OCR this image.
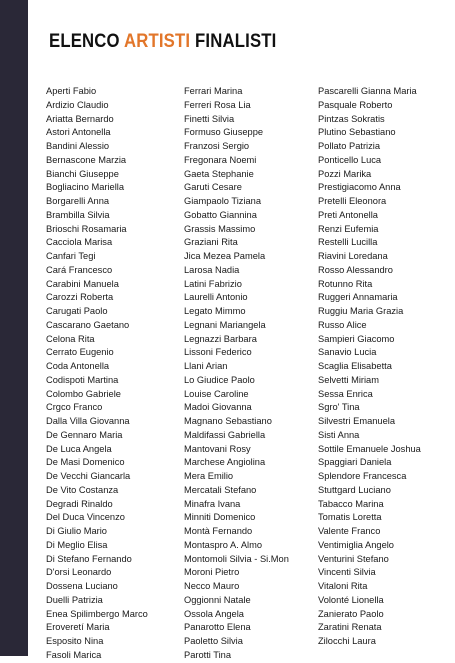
ELENCO ARTISTI FINALISTI
Aperti Fabio
Ardizio Claudio
Ariatta Bernardo
Astori Antonella
Bandini Alessio
Bernascone Marzia
Bianchi Giuseppe
Bogliacino Mariella
Borgarelli Anna
Brambilla Silvia
Brioschi Rosamaria
Cacciola Marisa
Canfari Tegi
Cará Francesco
Carabini Manuela
Carozzi Roberta
Carugati Paolo
Cascarano Gaetano
Celona Rita
Cerrato Eugenio
Coda Antonella
Codispoti Martina
Colombo Gabriele
Crgco Franco
Dalla Villa Giovanna
De Gennaro Maria
De Luca Angela
De Masi Domenico
De Vecchi Giancarla
De Vito Costanza
Degradi Rinaldo
Del Duca Vincenzo
Di Giulio Mario
Di Meglio Elisa
Di Stefano Fernando
D'orsi Leonardo
Dossena Luciano
Duelli Patrizia
Enea Spilimbergo Marco
Eroveretí Maria
Esposito Nina
Fasoli Marica
Ferrari Marina
Ferreri Rosa Lia
Finetti Silvia
Formuso Giuseppe
Franzosi Sergio
Fregonara Noemi
Gaeta Stephanie
Garuti Cesare
Giampaolo Tiziana
Gobatto Giannina
Grassis Massimo
Graziani Rita
Jica Mezea Pamela
Larosa Nadia
Latini Fabrizio
Laurelli Antonio
Legato Mimmo
Legnani Mariangela
Legnazzi Barbara
Lissoni Federico
Llani Arian
Lo Giudice Paolo
Louise Caroline
Madoi Giovanna
Magnano Sebastiano
Maldifassi Gabriella
Mantovani Rosy
Marchese Angiolina
Mera Emilio
Mercatali Stefano
Minafra Ivana
Minniti Domenico
Montà Fernando
Montaspro A. Almo
Montomoli Silvia - Si.Mon
Moroni Pietro
Necco Mauro
Oggionni Natale
Ossola Angela
Panarotto Elena
Paoletto Silvia
Parotti Tina
Pascarelli Gianna Maria
Pasquale Roberto
Pintzas Sokratis
Plutino Sebastiano
Pollato Patrizia
Ponticello Luca
Pozzi Marika
Prestigiacomo Anna
Pretelli Eleonora
Preti Antonella
Renzi Eufemia
Restelli Lucilla
Riavini Loredana
Rosso Alessandro
Rotunno Rita
Ruggeri Annamaria
Ruggiu Maria Grazia
Russo Alice
Sampieri Giacomo
Sanavio Lucia
Scaglia Elisabetta
Selvetti Miriam
Sessa Enrica
Sgro' Tina
Silvestri Emanuela
Sisti Anna
Sottile Emanuele Joshua
Spaggiari Daniela
Splendore Francesca
Stuttgard Luciano
Tabacco Marina
Tomatis Loretta
Valente Franco
Ventimiglia Angelo
Venturini Stefano
Vincenti Silvia
Vitaloni Rita
Volonté Lionella
Zanierato Paolo
Zaratini Renata
Zilocchi Laura
